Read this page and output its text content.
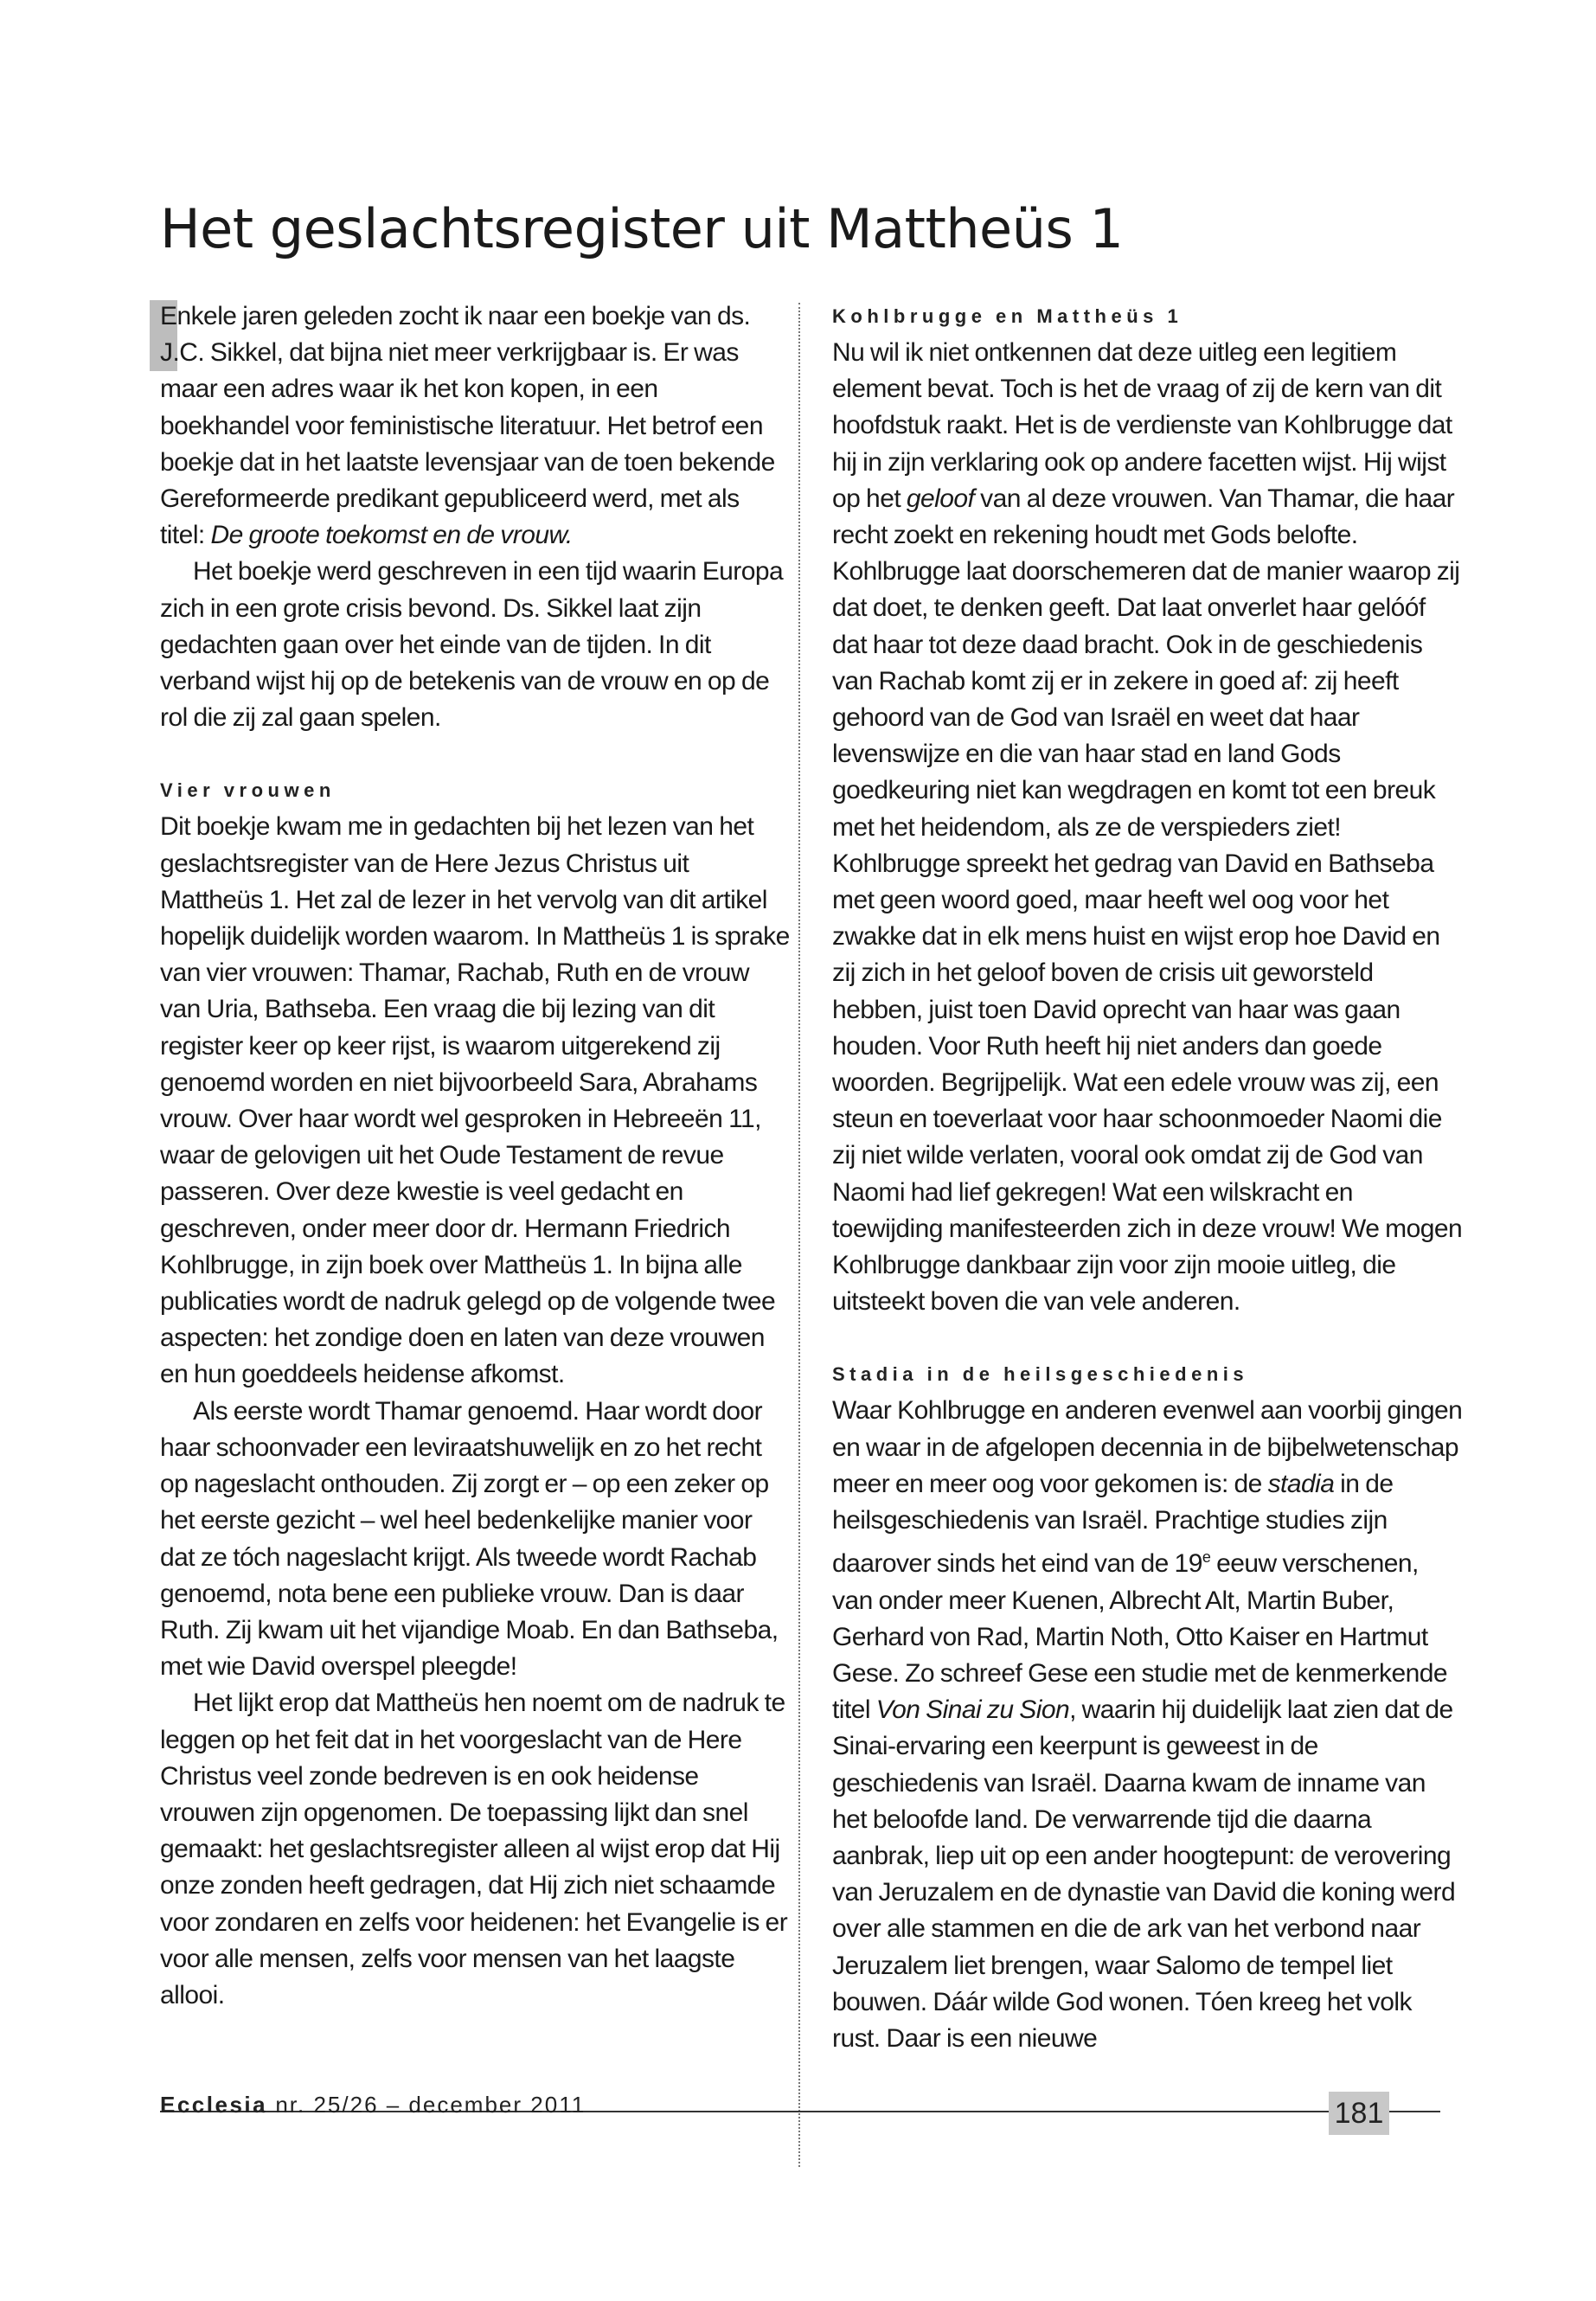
Het geslachtsregister uit Mattheüs 1

Enkele jaren geleden zocht ik naar een boekje van ds. J.C. Sikkel, dat bijna niet meer verkrijgbaar is. Er was maar een adres waar ik het kon kopen, in een boekhandel voor feministische literatuur. Het betrof een boekje dat in het laatste levensjaar van de toen bekende Gereformeerde predikant gepubliceerd werd, met als titel: De groote toekomst en de vrouw.

Het boekje werd geschreven in een tijd waarin Europa zich in een grote crisis bevond. Ds. Sikkel laat zijn gedachten gaan over het einde van de tijden. In dit verband wijst hij op de betekenis van de vrouw en op de rol die zij zal gaan spelen.

Vier vrouwen

Dit boekje kwam me in gedachten bij het lezen van het geslachtsregister van de Here Jezus Christus uit Mattheüs 1. Het zal de lezer in het vervolg van dit artikel hopelijk duidelijk worden waarom. In Mattheüs 1 is sprake van vier vrouwen: Thamar, Rachab, Ruth en de vrouw van Uria, Bathseba. Een vraag die bij lezing van dit register keer op keer rijst, is waarom uitgerekend zij genoemd worden en niet bijvoorbeeld Sara, Abrahams vrouw. Over haar wordt wel gesproken in Hebreeën 11, waar de gelovigen uit het Oude Testament de revue passeren. Over deze kwestie is veel gedacht en geschreven, onder meer door dr. Hermann Friedrich Kohlbrugge, in zijn boek over Mattheüs 1. In bijna alle publicaties wordt de nadruk gelegd op de volgende twee aspecten: het zondige doen en laten van deze vrouwen en hun goeddeels heidense afkomst.

Als eerste wordt Thamar genoemd. Haar wordt door haar schoonvader een leviraatshuwelijk en zo het recht op nageslacht onthouden. Zij zorgt er – op een zeker op het eerste gezicht – wel heel bedenkelijke manier voor dat ze tóch nageslacht krijgt. Als tweede wordt Rachab genoemd, nota bene een publieke vrouw. Dan is daar Ruth. Zij kwam uit het vijandige Moab. En dan Bathseba, met wie David overspel pleegde!

Het lijkt erop dat Mattheüs hen noemt om de nadruk te leggen op het feit dat in het voorgeslacht van de Here Christus veel zonde bedreven is en ook heidense vrouwen zijn opgenomen. De toepassing lijkt dan snel gemaakt: het geslachtsregister alleen al wijst erop dat Hij onze zonden heeft gedragen, dat Hij zich niet schaamde voor zondaren en zelfs voor heidenen: het Evangelie is er voor alle mensen, zelfs voor mensen van het laagste allooi.

Kohlbrugge en Mattheüs 1

Nu wil ik niet ontkennen dat deze uitleg een legitiem element bevat. Toch is het de vraag of zij de kern van dit hoofdstuk raakt. Het is de verdienste van Kohlbrugge dat hij in zijn verklaring ook op andere facetten wijst. Hij wijst op het geloof van al deze vrouwen. Van Thamar, die haar recht zoekt en rekening houdt met Gods belofte. Kohlbrugge laat doorschemeren dat de manier waarop zij dat doet, te denken geeft. Dat laat onverlet haar gelóóf dat haar tot deze daad bracht. Ook in de geschiedenis van Rachab komt zij er in zekere in goed af: zij heeft gehoord van de God van Israël en weet dat haar levenswijze en die van haar stad en land Gods goedkeuring niet kan wegdragen en komt tot een breuk met het heidendom, als ze de verspieders ziet! Kohlbrugge spreekt het gedrag van David en Bathseba met geen woord goed, maar heeft wel oog voor het zwakke dat in elk mens huist en wijst erop hoe David en zij zich in het geloof boven de crisis uit geworsteld hebben, juist toen David oprecht van haar was gaan houden. Voor Ruth heeft hij niet anders dan goede woorden. Begrijpelijk. Wat een edele vrouw was zij, een steun en toeverlaat voor haar schoonmoeder Naomi die zij niet wilde verlaten, vooral ook omdat zij de God van Naomi had lief gekregen! Wat een wilskracht en toewijding manifesteerden zich in deze vrouw! We mogen Kohlbrugge dankbaar zijn voor zijn mooie uitleg, die uitsteekt boven die van vele anderen.

Stadia in de heilsgeschiedenis

Waar Kohlbrugge en anderen evenwel aan voorbij gingen en waar in de afgelopen decennia in de bijbelwetenschap meer en meer oog voor gekomen is: de stadia in de heilsgeschiedenis van Israël. Prachtige studies zijn daarover sinds het eind van de 19e eeuw verschenen, van onder meer Kuenen, Albrecht Alt, Martin Buber, Gerhard von Rad, Martin Noth, Otto Kaiser en Hartmut Gese. Zo schreef Gese een studie met de kenmerkende titel Von Sinai zu Sion, waarin hij duidelijk laat zien dat de Sinai-ervaring een keerpunt is geweest in de geschiedenis van Israël. Daarna kwam de inname van het beloofde land. De verwarrende tijd die daarna aanbrak, liep uit op een ander hoogtepunt: de verovering van Jeruzalem en de dynastie van David die koning werd over alle stammen en die de ark van het verbond naar Jeruzalem liet brengen, waar Salomo de tempel liet bouwen. Dáár wilde God wonen. Tóen kreeg het volk rust. Daar is een nieuwe

Ecclesia nr. 25/26 – december 2011	181
